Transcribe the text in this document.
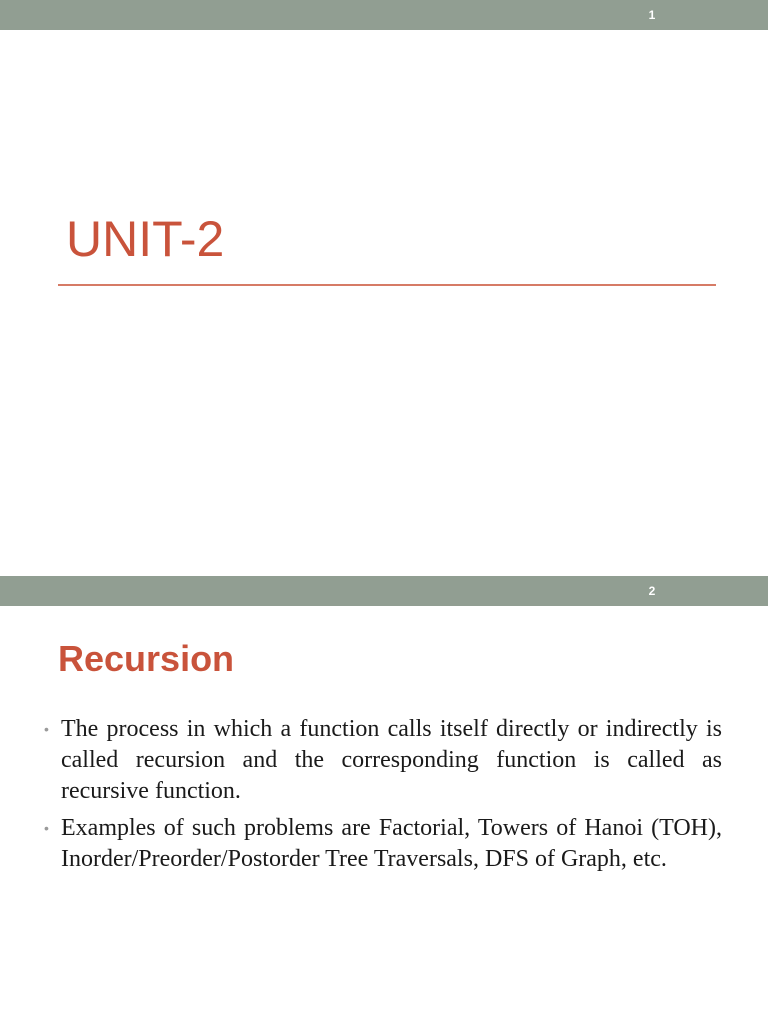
1
UNIT-2
2
Recursion
• The process in which a function calls itself directly or indirectly is called recursion and the corresponding function is called as recursive function.
• Examples of such problems are Factorial, Towers of Hanoi (TOH), Inorder/Preorder/Postorder Tree Traversals, DFS of Graph, etc.
